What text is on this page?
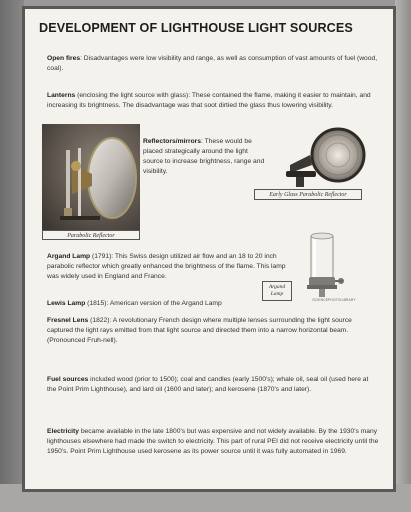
DEVELOPMENT OF LIGHTHOUSE LIGHT SOURCES
Open fires: Disadvantages were low visibility and range, as well as consumption of vast amounts of fuel (wood, coal).
Lanterns (enclosing the light source with glass): These contained the flame, making it easier to maintain, and increasing its brightness. The disadvantage was that soot dirtied the glass thus lowering visibility.
Parabolic Reflector
Reflectors/mirrors: These would be placed strategically around the light source to increase brightness, range and visibility.
Early Glass Parabolic Reflector
Argand Lamp
SCIENCEPHOTOLIBRARY
Argand Lamp (1791): This Swiss design utilized air flow and an 18 to 20 inch parabolic reflector which greatly enhanced the brightness of the flame. This lamp was widely used in England and France.
Lewis Lamp (1815): American version of the Argand Lamp
Fresnel Lens (1822): A revolutionary French design where multiple lenses surrounding the light source captured the light rays emitted from that light source and directed them into a narrow horizontal beam. (Pronounced Fruh-nell).
Fuel sources included wood (prior to 1500); coal and candles (early 1500's); whale oil, seal oil (used here at the Point Prim Lighthouse), and lard oil (1600 and later); and kerosene (1870's and later).
Electricity became available in the late 1800's but was expensive and not widely available. By the 1930's many lighthouses elsewhere had made the switch to electricity. This part of rural PEI did not receive electricity until the 1950's. Point Prim Lighthouse used kerosene as its power source until it was fully automated in 1969.
